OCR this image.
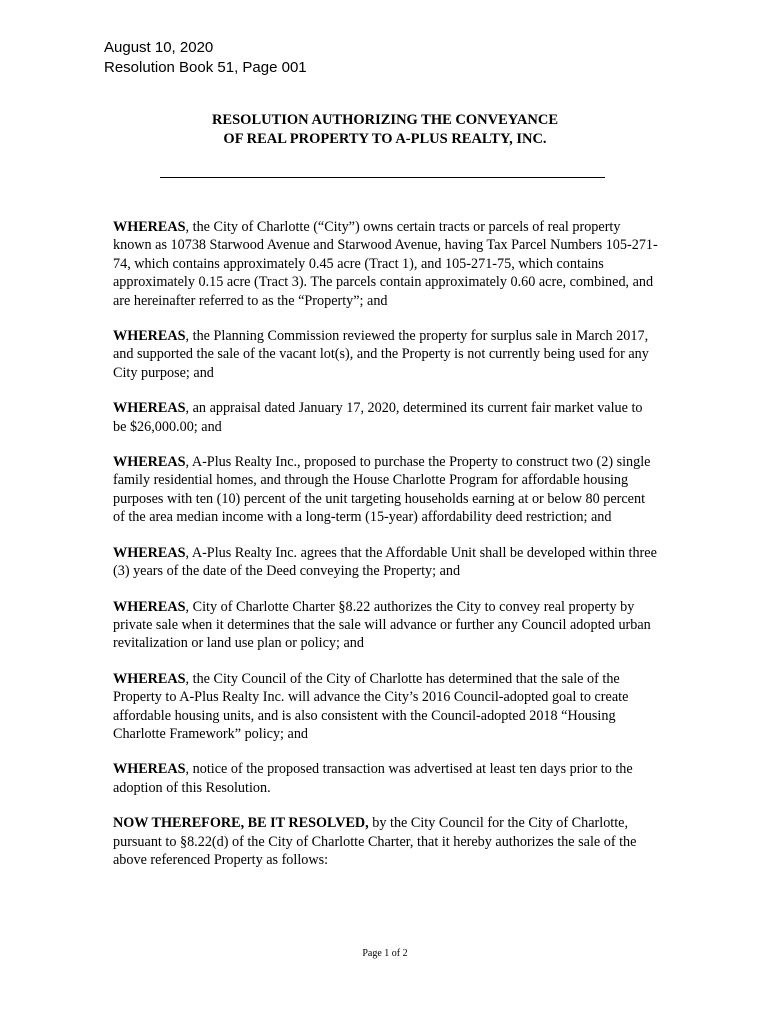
August 10, 2020
Resolution Book 51, Page 001
RESOLUTION AUTHORIZING THE CONVEYANCE
OF REAL PROPERTY TO A-PLUS REALTY, INC.

WHEREAS, the City of Charlotte (“City”) owns certain tracts or parcels of real property known as 10738 Starwood Avenue and Starwood Avenue, having Tax Parcel Numbers 105-271-74, which contains approximately 0.45 acre (Tract 1), and 105-271-75, which contains approximately 0.15 acre (Tract 3). The parcels contain approximately 0.60 acre, combined, and are hereinafter referred to as the “Property”; and

WHEREAS, the Planning Commission reviewed the property for surplus sale in March 2017, and supported the sale of the vacant lot(s), and the Property is not currently being used for any City purpose; and

WHEREAS, an appraisal dated January 17, 2020, determined its current fair market value to be $26,000.00; and

WHEREAS, A-Plus Realty Inc., proposed to purchase the Property to construct two (2) single family residential homes, and through the House Charlotte Program for affordable housing purposes with ten (10) percent of the unit targeting households earning at or below 80 percent of the area median income with a long-term (15-year) affordability deed restriction; and

WHEREAS, A-Plus Realty Inc. agrees that the Affordable Unit shall be developed within three (3) years of the date of the Deed conveying the Property; and

WHEREAS, City of Charlotte Charter §8.22 authorizes the City to convey real property by private sale when it determines that the sale will advance or further any Council adopted urban revitalization or land use plan or policy; and

WHEREAS, the City Council of the City of Charlotte has determined that the sale of the Property to A-Plus Realty Inc. will advance the City’s 2016 Council-adopted goal to create affordable housing units, and is also consistent with the Council-adopted 2018 “Housing Charlotte Framework” policy; and

WHEREAS, notice of the proposed transaction was advertised at least ten days prior to the adoption of this Resolution.

NOW THEREFORE, BE IT RESOLVED, by the City Council for the City of Charlotte, pursuant to §8.22(d) of the City of Charlotte Charter, that it hereby authorizes the sale of the above referenced Property as follows:

Page 1 of 2
